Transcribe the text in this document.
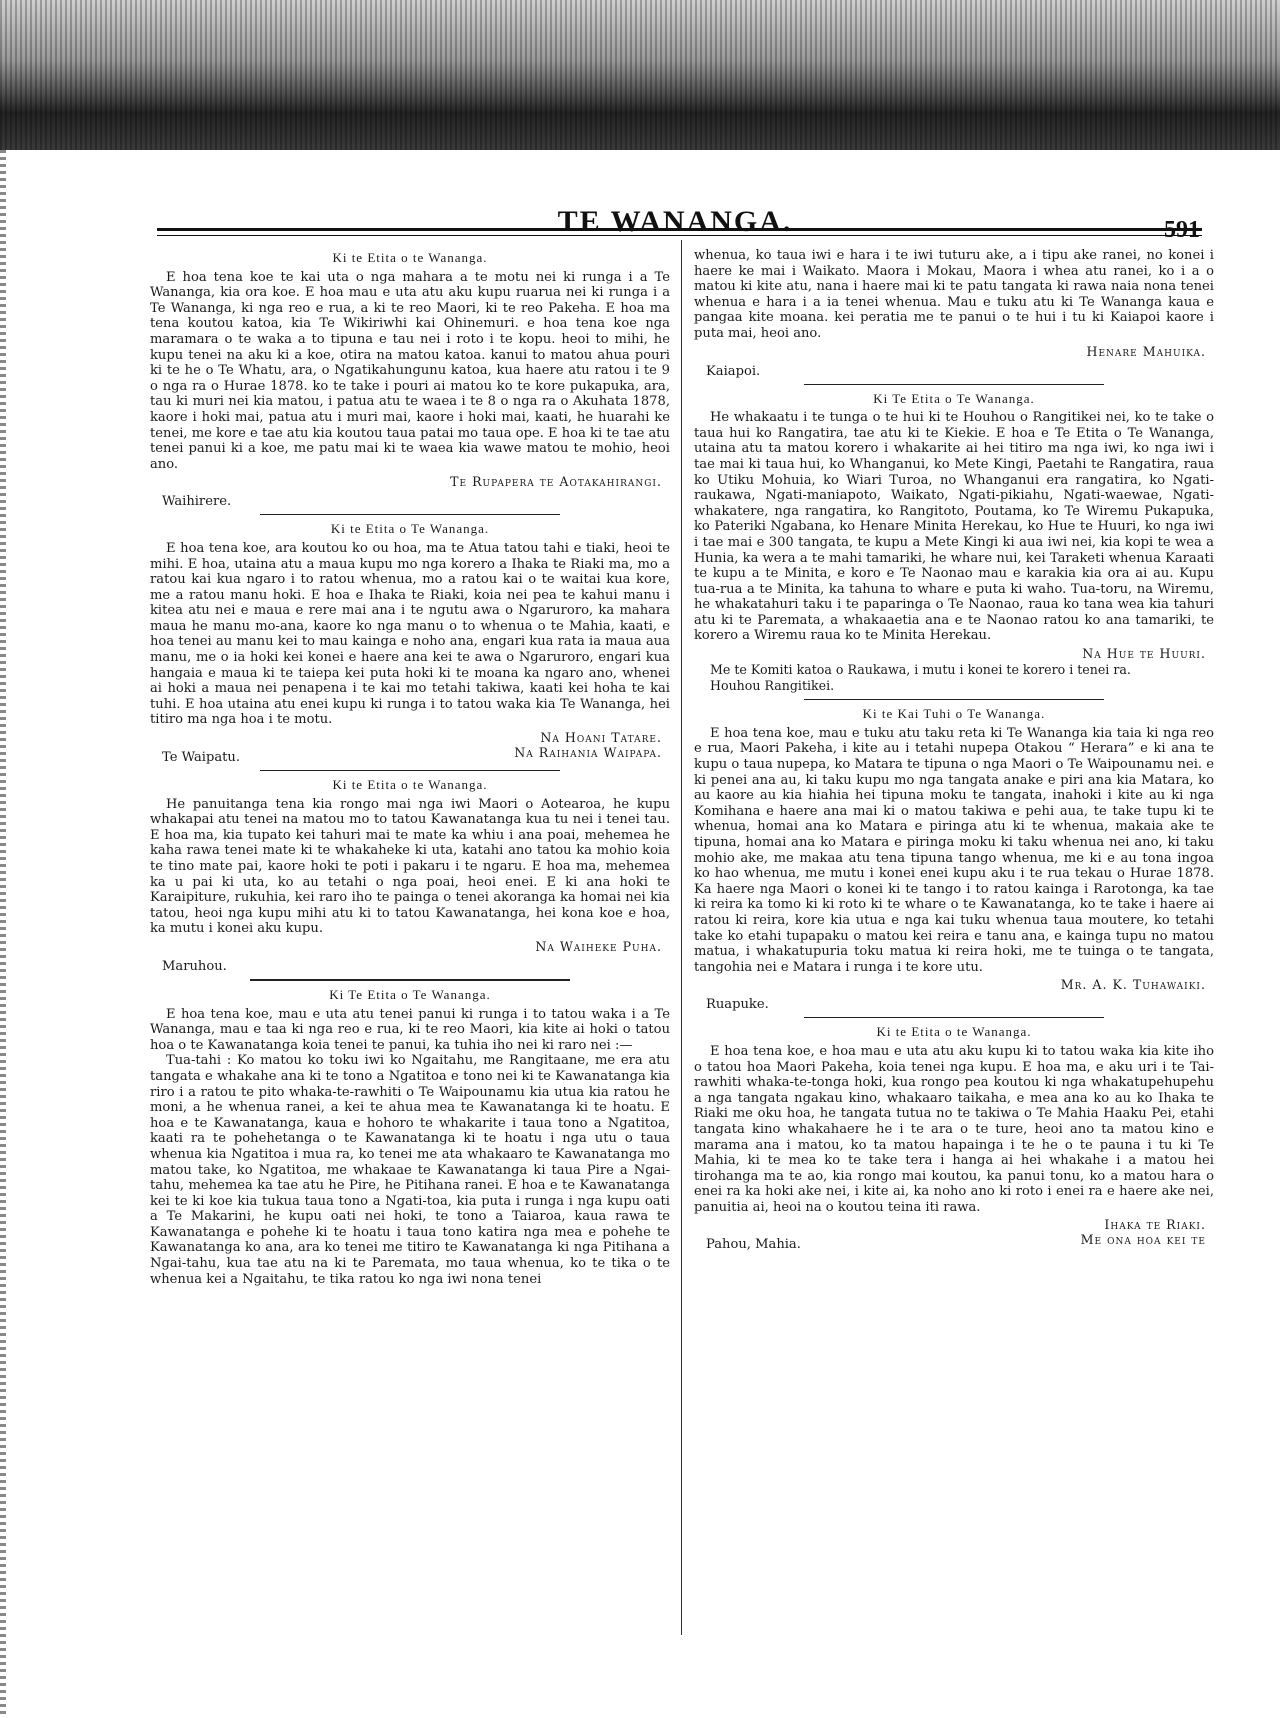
TE WANANGA.	591
Ki te Etita o te Wananga.

E hoa tena koe te kai uta o nga mahara a te motu nei ki runga i a Te Wananga, kia ora koe. E hoa mau e uta atu aku kupu ruarua nei ki runga i a Te Wananga, ki nga reo e rua, a ki te reo Maori, ki te reo Pakeha. E hoa ma tena koutou katoa, kia Te Wikiriwhi kai Ohinemuri. e hoa tena koe nga maramara o te waka a to tipuna e tau nei i roto i te kopu. heoi to mihi, he kupu tenei na aku ki a koe, otira na matou katoa. kanui to matou ahua pouri ki te he o Te Whatu, ara, o Ngatikahungunu katoa, kua haere atu ratou i te 9 o nga ra o Hurae 1878. ko te take i pouri ai matou ko te kore pukapuka, ara, tau ki muri nei kia matou, i patua atu te waea i te 8 o nga ra o Akuhata 1878, kaore i hoki mai, patua atu i muri mai, kaore i hoki mai, kaati, he huarahi ke tenei, me kore e tae atu kia koutou taua patai mo taua ope. E hoa ki te tae atu tenei panui ki a koe, me patu mai ki te waea kia wawe matou te mohio, heoi ano.

Te Rupapera te Aotakahirangi.
Waihirere.
Ki te Etita o Te Wananga.

E hoa tena koe, ara koutou ko ou hoa, ma te Atua tatou tahi e tiaki, heoi te mihi. E hoa, utaina atu a maua kupu mo nga korero a Ihaka te Riaki ma, mo a ratou kai kua ngaro i to ratou whenua, mo a ratou kai o te waitai kua kore, me a ratou manu hoki. E hoa e Ihaka te Riaki, koia nei pea te kahui manu i kitea atu nei e maua e rere mai ana i te ngutu awa o Ngaruroro, ka mahara maua he manu mo-ana, kaore ko nga manu o to whenua o te Mahia, kaati, e hoa tenei au manu kei to mau kainga e noho ana, engari kua rata ia maua aua manu, me o ia hoki kei konei e haere ana kei te awa o Ngaruroro, engari kua hangaia e maua ki te taiepa kei puta hoki ki te moana ka ngaro ano, whenei ai hoki a maua nei penapena i te kai mo tetahi takiwa, kaati kei hoha te kai tuhi. E hoa utaina atu enei kupu ki runga i to tatou waka kia Te Wananga, hei titiro ma nga hoa i te motu.

Na Hoani Tatare.
Na Raihania Waipapa.
Te Waipatu.
Ki te Etita o te Wananga.

He panuitanga tena kia rongo mai nga iwi Maori o Aotearoa, he kupu whakapai atu tenei na matou mo to tatou Kawanatanga kua tu nei i tenei tau. E hoa ma, kia tupato kei tahuri mai te mate ka whiu i ana poai, mehemea he kaha rawa tenei mate ki te whakaheke ki uta, katahi ano tatou ka mohio koia te tino mate pai, kaore hoki te poti i pakaru i te ngaru. E hoa ma, mehemea ka u pai ki uta, ko au tetahi o nga poai, heoi enei. E ki ana hoki te Karaipiture, rukuhia, kei raro iho te painga o tenei akoranga ka homai nei kia tatou, heoi nga kupu mihi atu ki to tatou Kawanatanga, hei kona koe e hoa, ka mutu i konei aku kupu.

Na Waiheke Puha.
Maruhou.
Ki Te Etita o Te Wananga.

E hoa tena koe, mau e uta atu tenei panui ki runga i to tatou waka i a Te Wananga, mau e taa ki nga reo e rua, ki te reo Maori, kia kite ai hoki o tatou hoa o te Kawanatanga koia tenei te panui, ka tuhia iho nei ki raro nei :—

Tua-tahi : Ko matou ko toku iwi ko Ngaitahu, me Rangitaane, me era atu tangata e whakahe ana ki te tono a Ngatitoa e tono nei ki te Kawanatanga kia riro i a ratou te pito whaka-te-rawhiti o Te Waipounamu kia utua kia ratou he moni, a he whenua ranei, a kei te ahua mea te Kawanatanga ki te hoatu. E hoa e te Kawanatanga, kaua e hohoro te whakarite i taua tono a Ngatitoa, kaati ra te pohehetanga o te Kawanatanga ki te hoatu i nga utu o taua whenua kia Ngatitoa i mua ra, ko tenei me ata whakaaro te Kawanatanga mo matou take, ko Ngatitoa, me whakaae te Kawanatanga ki taua Pire a Ngai-tahu, mehemea ka tae atu he Pire, he Pitihana ranei. E hoa e te Kawanatanga kei te ki koe kia tukua taua tono a Ngati-toa, kia puta i runga i nga kupu oati a Te Makarini, he kupu oati nei hoki, te tono a Taiaroa, kaua rawa te Kawanatanga e pohehe ki te hoatu i taua tono katira nga mea e pohehe te Kawanatanga ko ana, ara ko tenei me titiro te Kawanatanga ki nga Pitihana a Ngai-tahu, kua tae atu na ki te Paremata, mo taua whenua, ko te tika o te whenua kei a Ngaitahu, te tika ratou ko nga iwi nona tenei

whenua, ko taua iwi e hara i te iwi tuturu ake, a i tipu ake ranei, no konei i haere ke mai i Waikato. Maora i Mokau, Maora i whea atu ranei, ko i a o matou ki kite atu, nana i haere mai ki te patu tangata ki rawa naia nona tenei whenua e hara i a ia tenei whenua. Mau e tuku atu ki Te Wananga kaua e pangaa kite moana. kei peratia me te panui o te hui i tu ki Kaiapoi kaore i puta mai, heoi ano.

Henare Mahuika.
Kaiapoi.
Ki Te Etita o Te Wananga.

He whakaatu i te tunga o te hui ki te Houhou o Rangitikei nei, ko te take o taua hui ko Rangatira, tae atu ki te Kiekie. E hoa e Te Etita o Te Wananga, utaina atu ta matou korero i whakarite ai hei titiro ma nga iwi, ko nga iwi i tae mai ki taua hui, ko Whanganui, ko Mete Kingi, Paetahi te Rangatira, raua ko Utiku Mohuia, ko Wiari Turoa, no Whanganui era rangatira, ko Ngati-raukawa, Ngati-maniapoto, Waikato, Ngati-pikiahu, Ngati-waewae, Ngati-whakatere, nga rangatira, ko Rangitoto, Poutama, ko Te Wiremu Pukapuka, ko Pateriki Ngabana, ko Henare Minita Herekau, ko Hue te Huuri, ko nga iwi i tae mai e 300 tangata, te kupu a Mete Kingi ki aua iwi nei, kia kopi te wea a Hunia, ka wera a te mahi tamariki, he whare nui, kei Taraketi whenua Karaati te kupu a te Minita, e koro e Te Naonao mau e karakia kia ora ai au. Kupu tua-rua a te Minita, ka tahuna to whare e puta ki waho. Tua-toru, na Wiremu, he whakatahuri taku i te paparinga o Te Naonao, raua ko tana wea kia tahuri atu ki te Paremata, a whakaaetia ana e te Naonao ratou ko ana tamariki, te korero a Wiremu raua ko te Minita Herekau.

Na Hue te Huuri.

Me te Komiti katoa o Raukawa, i mutu i konei te korero i tenei ra.

Houhou Rangitikei.

Ki te Kai Tuhi o Te Wananga.

E hoa tena koe, mau e tuku atu taku reta ki Te Wananga kia taia ki nga reo e rua, Maori Pakeha, i kite au i tetahi nupepa Otakou “ Herara” e ki ana te kupu o taua nupepa, ko Matara te tipuna o nga Maori o Te Waipounamu nei. e ki penei ana au, ki taku kupu mo nga tangata anake e piri ana kia Matara, ko au kaore au kia hiahia hei tipuna moku te tangata, inahoki i kite au ki nga Komihana e haere ana mai ki o matou takiwa e pehi aua, te take tupu ki te whenua, homai ana ko Matara e piringa atu ki te whenua, makaia ake te tipuna, homai ana ko Matara e piringa moku ki taku whenua nei ano, ki taku mohio ake, me makaa atu tena tipuna tango whenua, me ki e au tona ingoa ko hao whenua, me mutu i konei enei kupu aku i te rua tekau o Hurae 1878. Ka haere nga Maori o konei ki te tango i to ratou kainga i Rarotonga, ka tae ki reira ka tomo ki ki roto ki te whare o te Kawanatanga, ko te take i haere ai ratou ki reira, kore kia utua e nga kai tuku whenua taua moutere, ko tetahi take ko etahi tupapaku o matou kei reira e tanu ana, e kainga tupu no matou matua, i whakatupuria toku matua ki reira hoki, me te tuinga o te tangata, tangohia nei e Matara i runga i te kore utu.

Mr. A. K. Tuhawaiki.
Ruapuke.
Ki te Etita o te Wananga.

E hoa tena koe, e hoa mau e uta atu aku kupu ki to tatou waka kia kite iho o tatou hoa Maori Pakeha, koia tenei nga kupu. E hoa ma, e aku uri i te Tai-rawhiti whaka-te-tonga hoki, kua rongo pea koutou ki nga whakatupehupehu a nga tangata ngakau kino, whakaaro taikaha, e mea ana ko au ko Ihaka te Riaki me oku hoa, he tangata tutua no te takiwa o Te Mahia Haaku Pei, etahi tangata kino whakahaere he i te ara o te ture, heoi ano ta matou kino e marama ana i matou, ko ta matou hapainga i te he o te pauna i tu ki Te Mahia, ki te mea ko te take tera i hanga ai hei whakahe i a matou hei tirohanga ma te ao, kia rongo mai koutou, ka panui tonu, ko a matou hara o enei ra ka hoki ake nei, i kite ai, ka noho ano ki roto i enei ra e haere ake nei, panuitia ai, heoi na o koutou teina iti rawa.

Ihaka te Riaki.
Me ona hoa kei te
Pahou, Mahia.
